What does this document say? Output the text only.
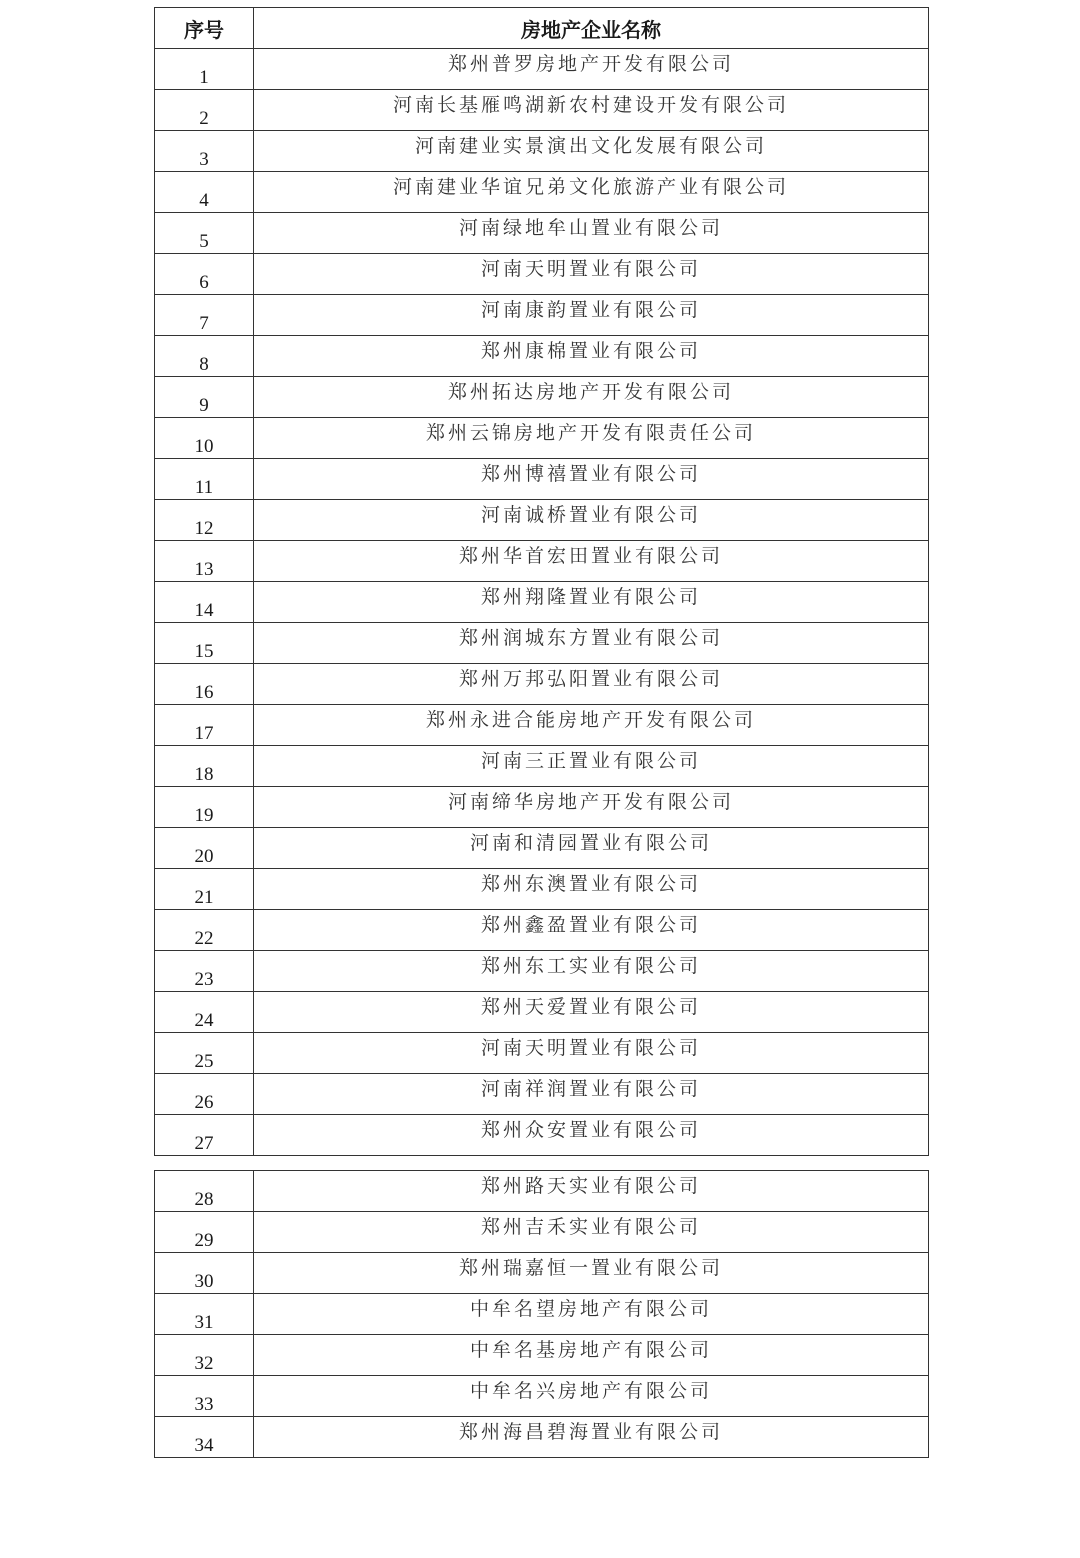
序号	房地产企业名称
1	郑州普罗房地产开发有限公司
2	河南长基雁鸣湖新农村建设开发有限公司
3	河南建业实景演出文化发展有限公司
4	河南建业华谊兄弟文化旅游产业有限公司
5	河南绿地牟山置业有限公司
6	河南天明置业有限公司
7	河南康韵置业有限公司
8	郑州康棉置业有限公司
9	郑州拓达房地产开发有限公司
10	郑州云锦房地产开发有限责任公司
11	郑州博禧置业有限公司
12	河南诚桥置业有限公司
13	郑州华首宏田置业有限公司
14	郑州翔隆置业有限公司
15	郑州润城东方置业有限公司
16	郑州万邦弘阳置业有限公司
17	郑州永进合能房地产开发有限公司
18	河南三正置业有限公司
19	河南缔华房地产开发有限公司
20	河南和清园置业有限公司
21	郑州东澳置业有限公司
22	郑州鑫盈置业有限公司
23	郑州东工实业有限公司
24	郑州天爱置业有限公司
25	河南天明置业有限公司
26	河南祥润置业有限公司
27	郑州众安置业有限公司
28	郑州路天实业有限公司
29	郑州吉禾实业有限公司
30	郑州瑞嘉恒一置业有限公司
31	中牟名望房地产有限公司
32	中牟名基房地产有限公司
33	中牟名兴房地产有限公司
34	郑州海昌碧海置业有限公司
